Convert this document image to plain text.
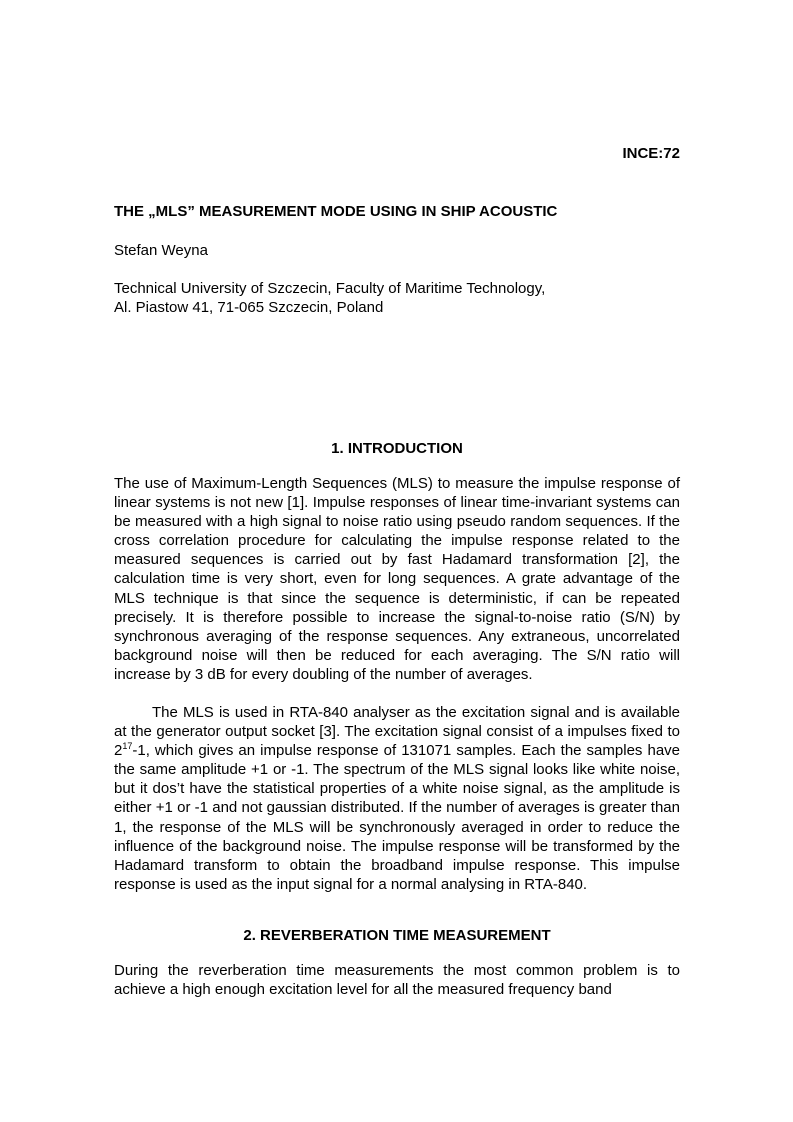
INCE:72
THE „MLS” MEASUREMENT MODE USING IN SHIP ACOUSTIC
Stefan Weyna
Technical University of Szczecin, Faculty of Maritime Technology,
Al. Piastow 41, 71-065 Szczecin, Poland
1. INTRODUCTION
The use of Maximum-Length Sequences (MLS) to measure the impulse response of linear systems is not new [1]. Impulse responses of linear time-invariant systems can be measured with a high signal to noise ratio using pseudo random sequences. If the cross correlation procedure for calculating the impulse response related to the measured sequences is carried out by fast Hadamard transformation [2], the calculation time is very short, even for long sequences. A grate advantage of the MLS technique is that since the sequence is deterministic, if can be repeated precisely. It is therefore possible to increase the signal-to-noise ratio (S/N) by synchronous averaging of the response sequences. Any extraneous, uncorrelated background noise will then be reduced for each averaging. The S/N ratio will increase by 3 dB for every doubling of the number of averages.
The MLS is used in RTA-840 analyser as the excitation signal and is available at the generator output socket [3]. The excitation signal consist of a impulses fixed to $2^{17}-1$, which gives an impulse response of 131071 samples. Each the samples have the same amplitude +1 or -1. The spectrum of the MLS signal looks like white noise, but it dos’t have the statistical properties of a white noise signal, as the amplitude is either +1 or -1 and not gaussian distributed. If the number of averages is greater than 1, the response of the MLS will be synchronously averaged in order to reduce the influence of the background noise. The impulse response will be transformed by the Hadamard transform to obtain the broadband impulse response. This impulse response is used as the input signal for a normal analysing in RTA-840.
2. REVERBERATION TIME MEASUREMENT
During the reverberation time measurements the most common problem is to achieve a high enough excitation level for all the measured frequency band
